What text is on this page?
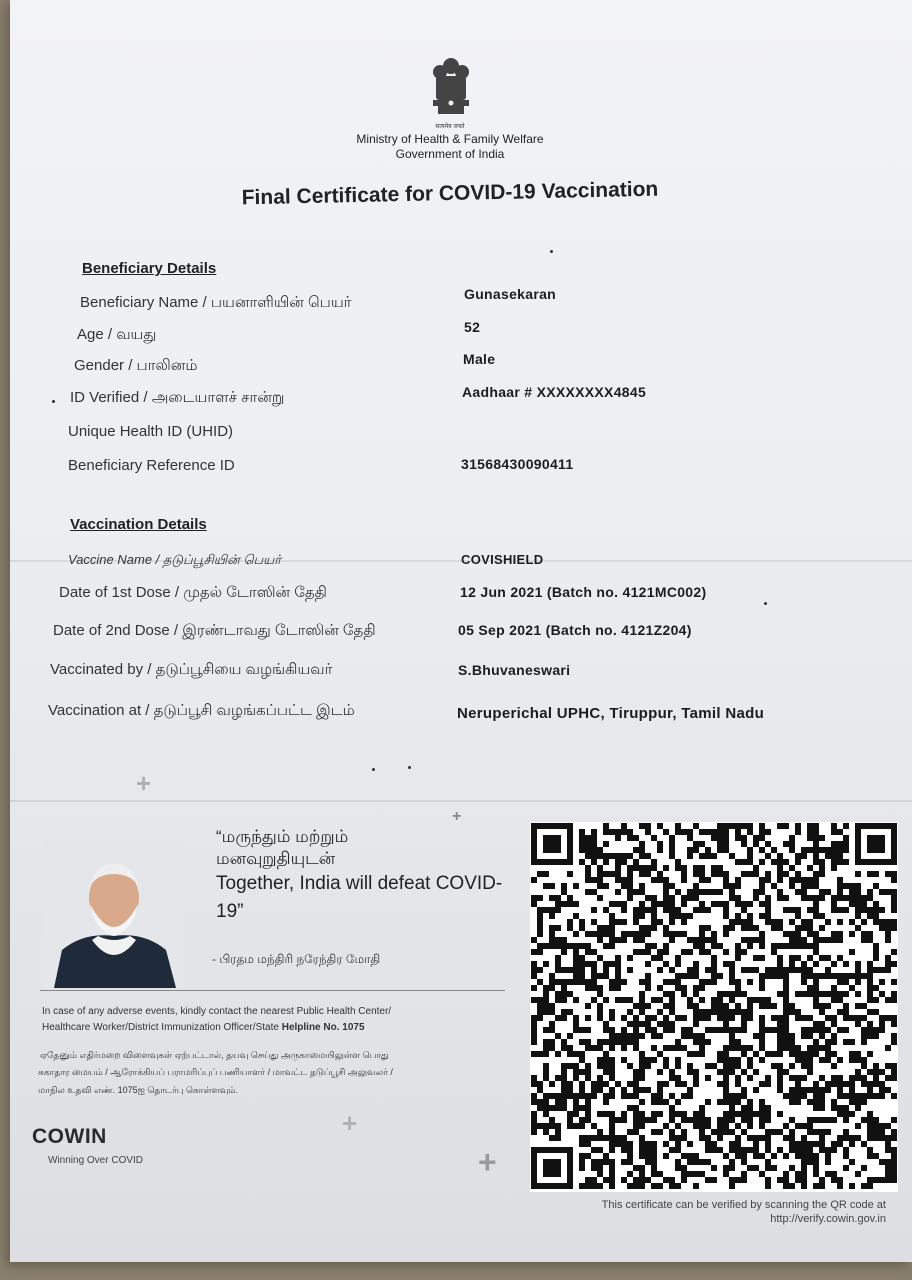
सत्यमेव जयते
Ministry of Health & Family Welfare
Government of India
Final Certificate for COVID-19 Vaccination
Beneficiary Details
Beneficiary Name / பயனாளியின் பெயர்	Gunasekaran
Age / வயது	52
Gender / பாலினம்	Male
ID Verified / அடையாளச் சான்று	Aadhaar # XXXXXXXX4845
Unique Health ID (UHID)
Beneficiary Reference ID	31568430090411
Vaccination Details
Vaccine Name / தடுப்பூசியின் பெயர்	COVISHIELD
Date of 1st Dose / முதல் டோஸின் தேதி	12 Jun 2021 (Batch no. 4121MC002)
Date of 2nd Dose / இரண்டாவது டோஸின் தேதி	05 Sep 2021 (Batch no. 4121Z204)
Vaccinated by / தடுப்பூசியை வழங்கியவர்	S.Bhuvaneswari
Vaccination at / தடுப்பூசி வழங்கப்பட்ட இடம்	Neruperichal UPHC, Tiruppur, Tamil Nadu
+
+
+
+
“மருந்தும் மற்றும்
மனவுறுதியுடன்
Together, India will defeat COVID-19”
- பிரதம மந்திரி நரேந்திர மோதி
In case of any adverse events, kindly contact the nearest Public Health Center/
Healthcare Worker/District Immunization Officer/State Helpline No. 1075
ஏதேனும் எதிர்மறை விளைவுகள் ஏற்பட்டால், தயவு செய்து அருகாமையிலுள்ள பொது
சுகாதார மையம் / ஆரோக்கியப் பராமரிப்புப் பணியாளர் / மாவட்ட தடுப்பூசி அலுவலர் /
மாநில உதவி எண். 1075ஐ தொடர்பு கொள்ளவும்.
COWIN
Winning Over COVID
This certificate can be verified by scanning the QR code at
http://verify.cowin.gov.in
